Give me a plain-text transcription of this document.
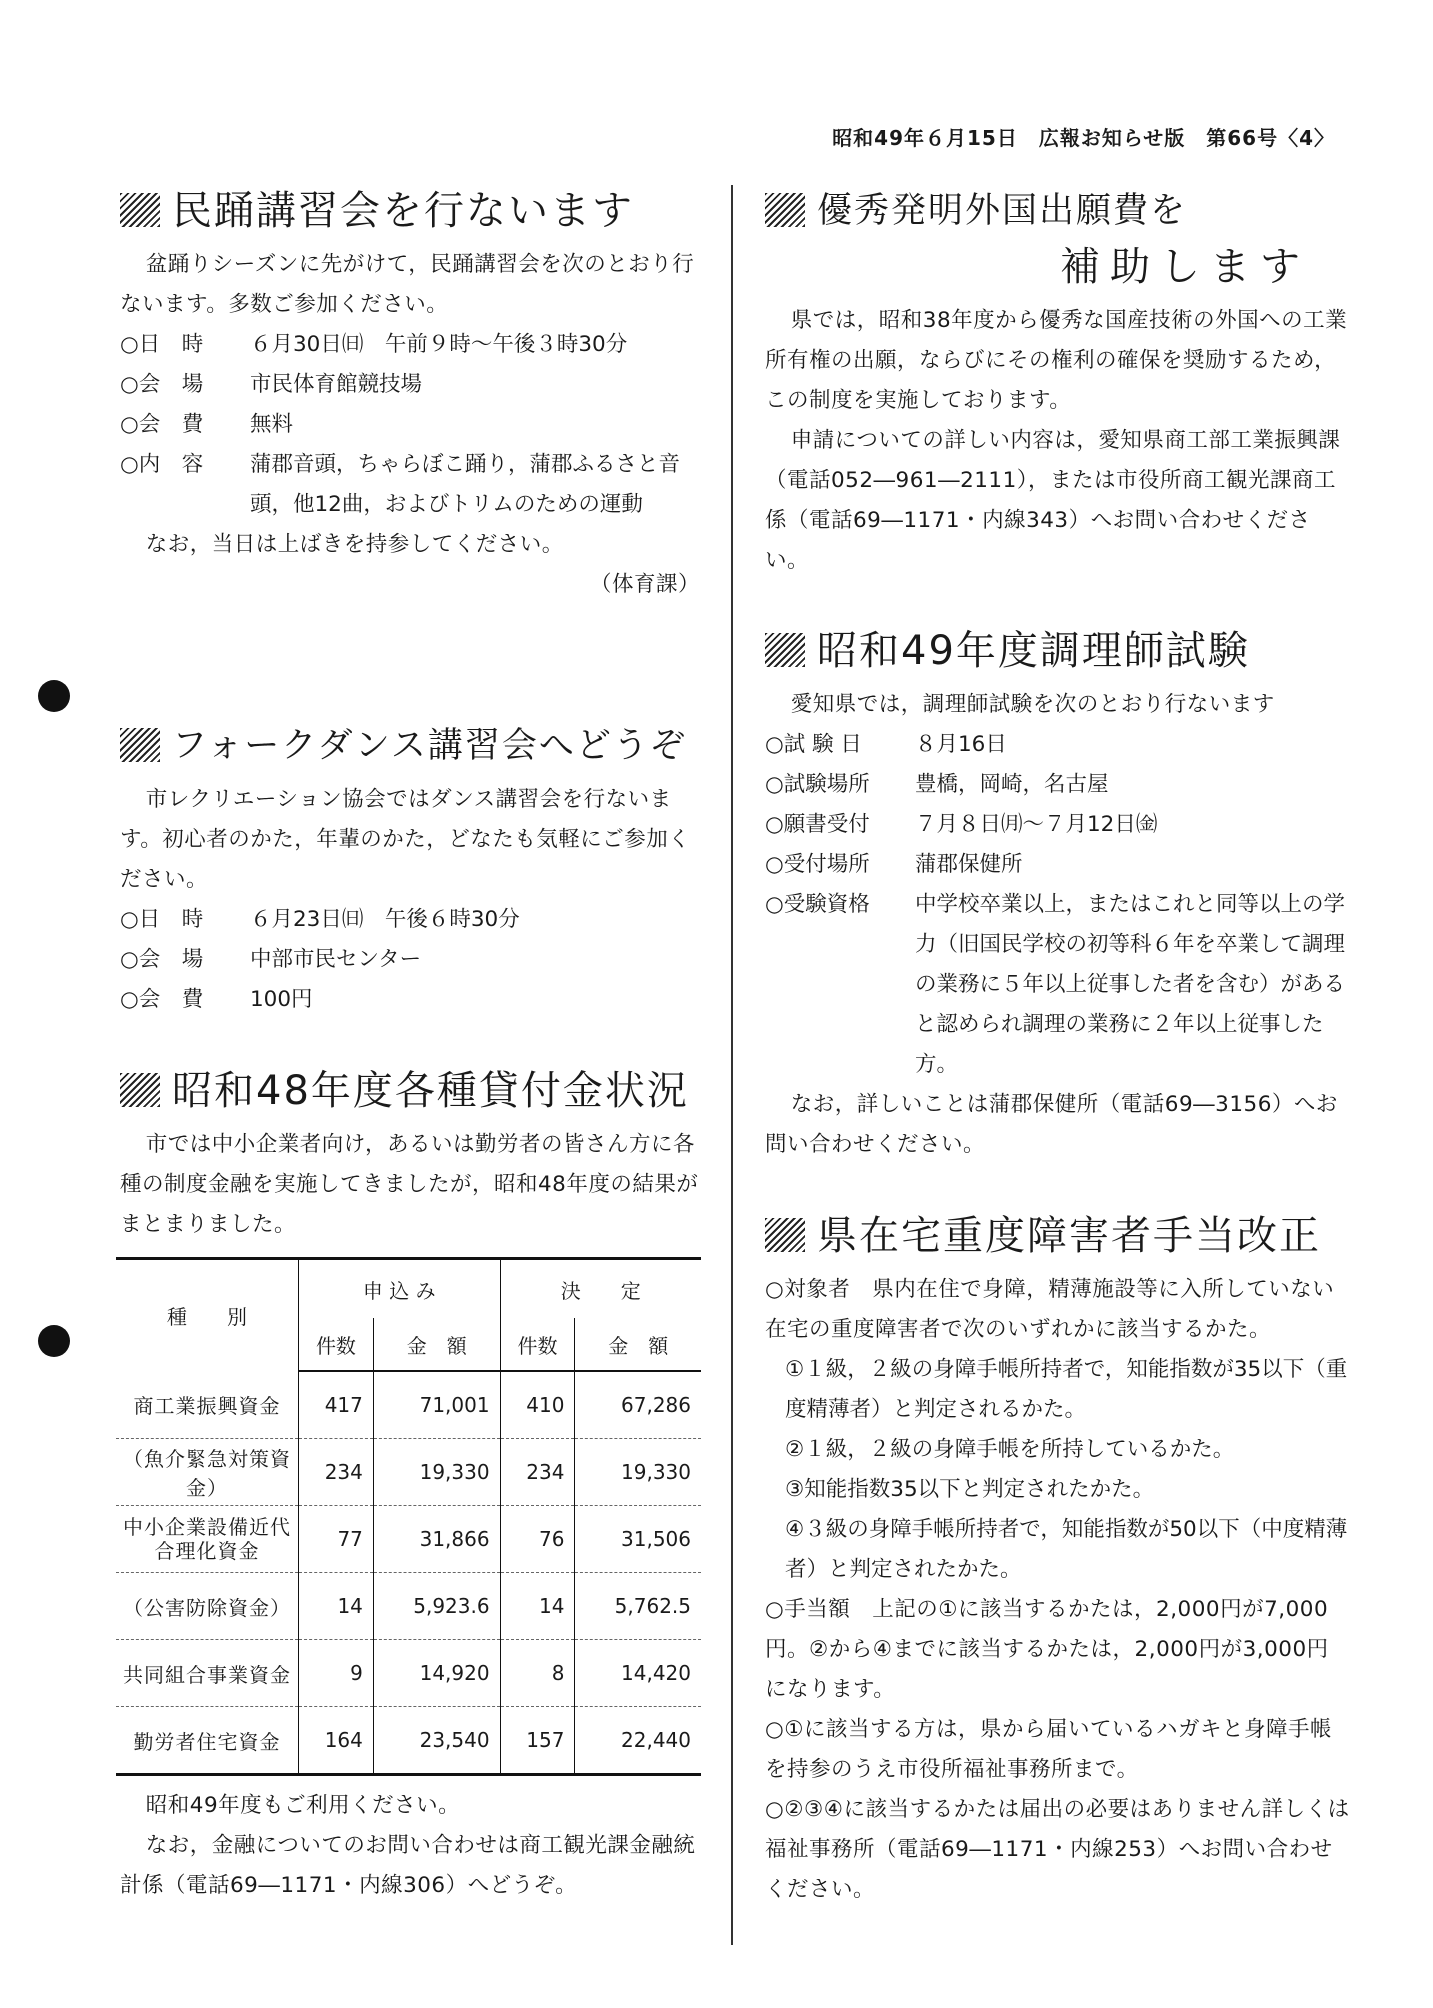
昭和49年６月15日　広報お知らせ版　第66号〈4〉
民踊講習会を行ないます

盆踊りシーズンに先がけて，民踊講習会を次のとおり行ないます。多数ご参加ください。

○日　時	６月30日㈰　午前９時〜午後３時30分
○会　場	市民体育館競技場
○会　費	無料
○内　容	蒲郡音頭，ちゃらぼこ踊り，蒲郡ふるさと音頭，他12曲，およびトリムのための運動

なお，当日は上ばきを持参してください。

（体育課）

フォークダンス講習会へどうぞ

市レクリエーション協会ではダンス講習会を行ないます。初心者のかた，年輩のかた，どなたも気軽にご参加ください。

○日　時	６月23日㈰　午後６時30分
○会　場	中部市民センター
○会　費	100円
昭和48年度各種貸付金状況

市では中小企業者向け，あるいは勤労者の皆さん方に各種の制度金融を実施してきましたが，昭和48年度の結果がまとまりました。

種　　別	申 込 み		決　　定	
	件数	金　額	件数	金　額
商工業振興資金	417	71,001	410	67,286
（魚介緊急対策資金）	234	19,330	234	19,330
中小企業設備近代合理化資金	77	31,866	76	31,506
（公害防除資金）	14	5,923.6	14	5,762.5
共同組合事業資金	9	14,920	8	14,420
勤労者住宅資金	164	23,540	157	22,440

昭和49年度もご利用ください。

なお，金融についてのお問い合わせは商工観光課金融統計係（電話69―1171・内線306）へどうぞ。

優秀発明外国出願費を
補助します

県では，昭和38年度から優秀な国産技術の外国への工業所有権の出願，ならびにその権利の確保を奨励するため，この制度を実施しております。

申請についての詳しい内容は，愛知県商工部工業振興課（電話052―961―2111），または市役所商工観光課商工係（電話69―1171・内線343）へお問い合わせください。

昭和49年度調理師試験

愛知県では，調理師試験を次のとおり行ないます

○試 験 日	８月16日
○試験場所	豊橋，岡崎，名古屋
○願書受付	７月８日㈪〜７月12日㈮
○受付場所	蒲郡保健所
○受験資格	中学校卒業以上，またはこれと同等以上の学力（旧国民学校の初等科６年を卒業して調理の業務に５年以上従事した者を含む）があると認められ調理の業務に２年以上従事した方。

なお，詳しいことは蒲郡保健所（電話69―3156）へお問い合わせください。

県在宅重度障害者手当改正

○対象者　県内在住で身障，精薄施設等に入所していない在宅の重度障害者で次のいずれかに該当するかた。

①１級，２級の身障手帳所持者で，知能指数が35以下（重度精薄者）と判定されるかた。
②１級，２級の身障手帳を所持しているかた。
③知能指数35以下と判定されたかた。
④３級の身障手帳所持者で，知能指数が50以下（中度精薄者）と判定されたかた。

○手当額　上記の①に該当するかたは，2,000円が7,000円。②から④までに該当するかたは，2,000円が3,000円になります。

○①に該当する方は，県から届いているハガキと身障手帳を持参のうえ市役所福祉事務所まで。

○②③④に該当するかたは届出の必要はありません詳しくは福祉事務所（電話69―1171・内線253）へお問い合わせください。
